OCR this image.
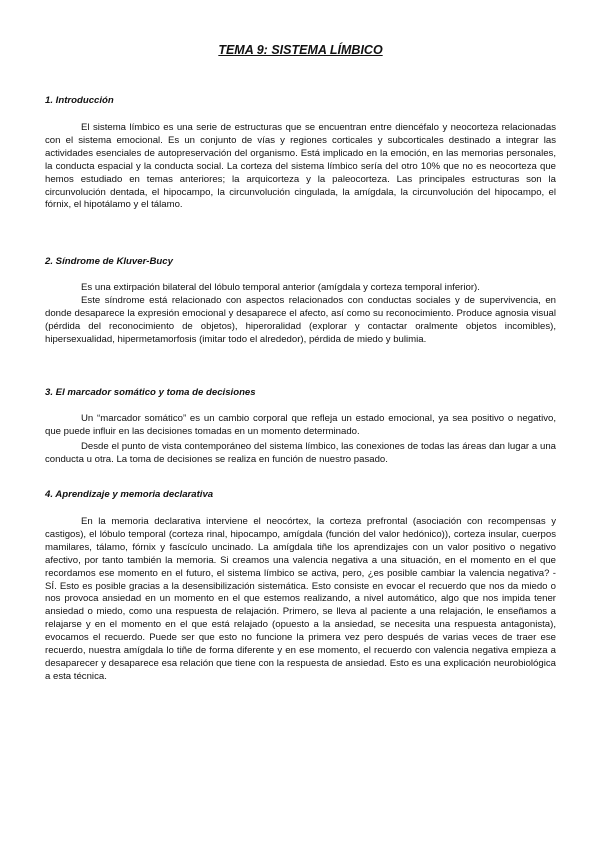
TEMA 9: SISTEMA LÍMBICO
1. Introducción

El sistema límbico es una serie de estructuras que se encuentran entre diencéfalo y neocorteza relacionadas con el sistema emocional. Es un conjunto de vías y regiones corticales y subcorticales destinado a integrar las actividades esenciales de autopreservación del organismo. Está implicado en la emoción, en las memorias personales, la conducta espacial y la conducta social. La corteza del sistema límbico sería del otro 10% que no es neocorteza que hemos estudiado en temas anteriores; la arquicorteza y la paleocorteza. Las principales estructuras son la circunvolución dentada, el hipocampo, la circunvolución cingulada, la amígdala, la circunvolución del hipocampo, el fórnix, el hipotálamo y el tálamo.

2. Síndrome de Kluver-Bucy

Es una extirpación bilateral del lóbulo temporal anterior (amígdala y corteza temporal inferior).

Este síndrome está relacionado con aspectos relacionados con conductas sociales y de supervivencia, en donde desaparece la expresión emocional y desaparece el afecto, así como su reconocimiento. Produce agnosia visual (pérdida del reconocimiento de objetos), hiperoralidad (explorar y contactar oralmente objetos incomibles), hipersexualidad, hipermetamorfosis (imitar todo el alrededor), pérdida de miedo y bulimia.

3. El marcador somático y toma de decisiones

Un “marcador somático” es un cambio corporal que refleja un estado emocional, ya sea positivo o negativo, que puede influir en las decisiones tomadas en un momento determinado.

Desde el punto de vista contemporáneo del sistema límbico, las conexiones de todas las áreas dan lugar a una conducta u otra. La toma de decisiones se realiza en función de nuestro pasado.

4. Aprendizaje y memoria declarativa

En la memoria declarativa interviene el neocórtex, la corteza prefrontal (asociación con recompensas y castigos), el lóbulo temporal (corteza rinal, hipocampo, amígdala (función del valor hedónico)), corteza insular, cuerpos mamilares, tálamo, fórnix y fascículo uncinado. La amígdala tiñe los aprendizajes con un valor positivo o negativo afectivo, por tanto también la memoria. Si creamos una valencia negativa a una situación, en el momento en el que recordamos ese momento en el futuro, el sistema límbico se activa, pero, ¿es posible cambiar la valencia negativa? - SÍ. Esto es posible gracias a la desensibilización sistemática. Esto consiste en evocar el recuerdo que nos da miedo o nos provoca ansiedad en un momento en el que estemos realizando, a nivel automático, algo que nos impida tener ansiedad o miedo, como una respuesta de relajación. Primero, se lleva al paciente a una relajación, le enseñamos a relajarse y en el momento en el que está relajado (opuesto a la ansiedad, se necesita una respuesta antagonista), evocamos el recuerdo. Puede ser que esto no funcione la primera vez pero después de varias veces de traer ese recuerdo, nuestra amígdala lo tiñe de forma diferente y en ese momento, el recuerdo con valencia negativa empieza a desaparecer y desaparece esa relación que tiene con la respuesta de ansiedad. Esto es una explicación neurobiológica a esta técnica.
